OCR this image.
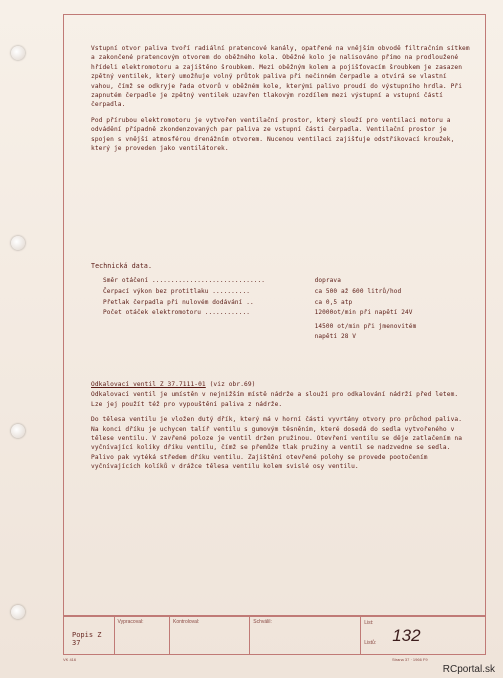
Vstupní otvor paliva tvoří radiální pratencové kanály, opatřené na vnějším obvodě filtračním sítkem a zakončené pratencovým otvorem do oběžného kola. Oběžné kolo je nalisováno přímo na prodloužené hřídeli elektromotoru a zajištěno šroubkem. Mezi oběžným kolem a pojišťovacím šroubkem je zasazen zpětný ventilek, který umožňuje volný průtok paliva při nečinném čerpadle a otvírá se vlastní vahou, čímž se odkryje řada otvorů v oběžném kole, kterými palivo proudí do výstupního hrdla. Při zapnutém čerpadle je zpětný ventilek uzavřen tlakovým rozdílem mezi výstupní a vstupní částí čerpadla.

Pod přírubou elektromotoru je vytvořen ventilační prostor, který slouží pro ventilaci motoru a odvádění případně zkondenzovaných par paliva ze vstupní části čerpadla. Ventilační prostor je spojen s vnější atmosférou drenážním otvorem. Nucenou ventilaci zajišťuje odstřikovací kroužek, který je proveden jako ventilátorek.

Technická data.
Směr otáčení ..............................	doprava
Čerpací výkon bez protitlaku ..........	ca 500 až 600 litrů/hod
Přetlak čerpadla při nulovém dodávání ..	ca 0,5 atp
Počet otáček elektromotoru ............	12000ot/min při napětí 24V
14500 ot/min při jmenovitém
napětí 28 V

Odkalovací ventil Z 37.7111-01 (viz obr.69)

Odkalovací ventil je umístěn v nejnižším místě nádrže a slouží pro odkalování nádrží před letem. Lze jej použít též pro vypouštění paliva z nádrže.

Do tělesa ventilu je vložen dutý dřík, který má v horní části vyvrtány otvory pro průchod paliva. Na konci dříku je uchycen talíř ventilu s gumovým těsněním, které dosedá do sedla vytvořeného v tělese ventilu. V zavřené poloze je ventil držen pružinou. Otevření ventilu se děje zatlačením na vyčnívající kolíky dříku ventilu, čímž se přemůže tlak pružiny a ventil se nadzvedne se sedla. Palivo pak vytéká středem dříku ventilu. Zajištění otevřené polohy se provede pootočením vyčnívajících kolíků v drážce tělesa ventilu kolem svislé osy ventilu.

Popis Z 37
Vypracoval:	Kontroloval:	Schválil:	List:
Listů: 132
VK 416	Strana 37 · 1966 F9
RCportal.sk
